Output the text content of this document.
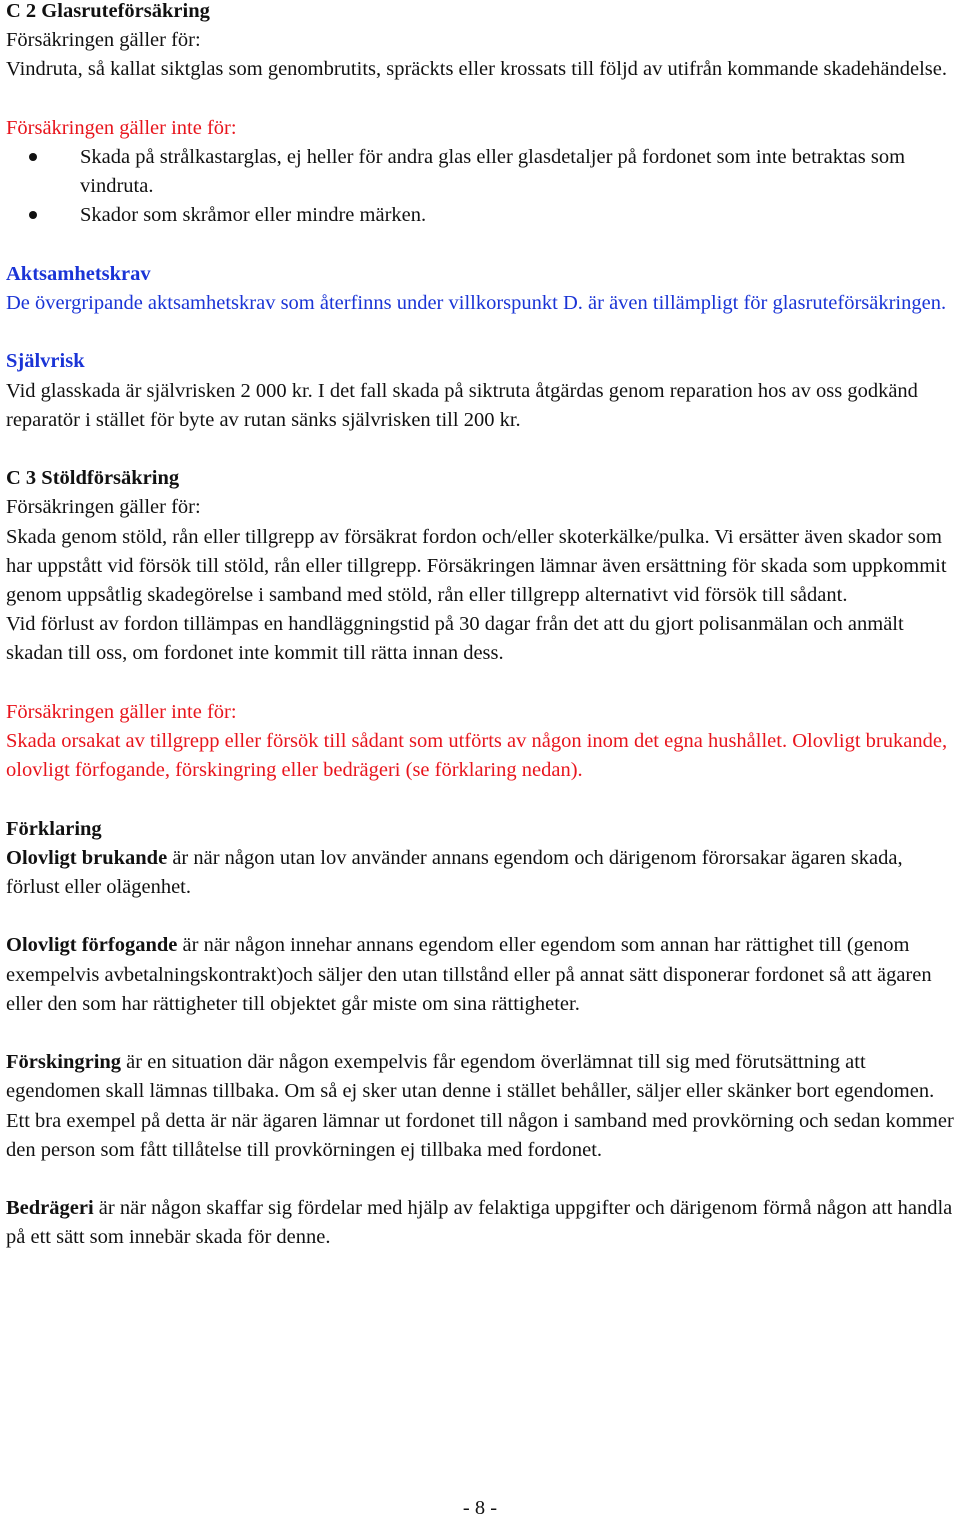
C 2 Glasruteförsäkring

Försäkringen gäller för:

Vindruta, så kallat siktglas som genombrutits, spräckts eller krossats till följd av utifrån kommande skadehändelse.

Försäkringen gäller inte för:

Skada på strålkastarglas, ej heller för andra glas eller glasdetaljer på fordonet som inte betraktas som vindruta.
Skador som skråmor eller mindre märken.

Aktsamhetskrav

De övergripande aktsamhetskrav som återfinns under villkorspunkt D. är även tillämpligt för glasruteförsäkringen.

Självrisk

Vid glasskada är självrisken 2 000 kr. I det fall skada på siktruta åtgärdas genom reparation hos av oss godkänd reparatör i stället för byte av rutan sänks självrisken till 200 kr.

C 3 Stöldförsäkring

Försäkringen gäller för:

Skada genom stöld, rån eller tillgrepp av försäkrat fordon och/eller skoterkälke/pulka. Vi ersätter även skador som har uppstått vid försök till stöld, rån eller tillgrepp. Försäkringen lämnar även ersättning för skada som uppkommit genom uppsåtlig skadegörelse i samband med stöld, rån eller tillgrepp alternativt vid försök till sådant.

Vid förlust av fordon tillämpas en handläggningstid på 30 dagar från det att du gjort polisanmälan och anmält skadan till oss, om fordonet inte kommit till rätta innan dess.

Försäkringen gäller inte för:

Skada orsakat av tillgrepp eller försök till sådant som utförts av någon inom det egna hushållet. Olovligt brukande, olovligt förfogande, förskingring eller bedrägeri (se förklaring nedan).

Förklaring

Olovligt brukande är när någon utan lov använder annans egendom och därigenom förorsakar ägaren skada, förlust eller olägenhet.

Olovligt förfogande är när någon innehar annans egendom eller egendom som annan har rättighet till (genom exempelvis avbetalningskontrakt)och säljer den utan tillstånd eller på annat sätt disponerar fordonet så att ägaren eller den som har rättigheter till objektet går miste om sina rättigheter.

Förskingring är en situation där någon exempelvis får egendom överlämnat till sig med förutsättning att egendomen skall lämnas tillbaka. Om så ej sker utan denne i stället behåller, säljer eller skänker bort egendomen. Ett bra exempel på detta är när ägaren lämnar ut fordonet till någon i samband med provkörning och sedan kommer den person som fått tillåtelse till provkörningen ej tillbaka med fordonet.

Bedrägeri är när någon skaffar sig fördelar med hjälp av felaktiga uppgifter och därigenom förmå någon att handla på ett sätt som innebär skada för denne.

- 8 -
